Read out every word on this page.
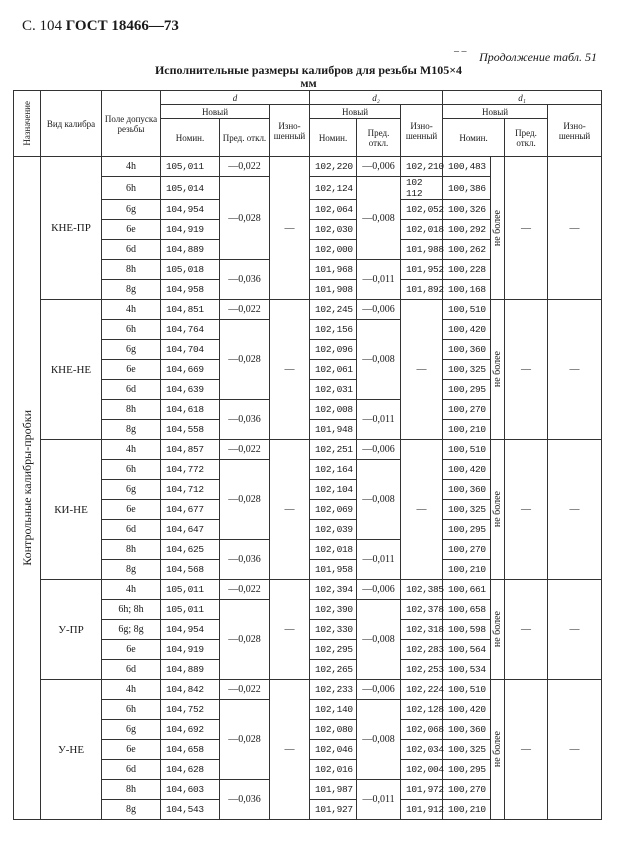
С. 104 ГОСТ 18466—73
– – Продолжение табл. 51
Исполнительные размеры калибров для резьбы М105×4
мм
Назначение	Вид калибра	Поле допуска резьбы	d			d₂			d₁			
			Новый		Изно-шенный	Новый		Изно-шенный	Новый			Изно-шенный
			Номин.	Пред. откл.		Номин.	Пред. откл.		Номин.		Пред. откл.	

Контрольные калибры-пробки	КНЕ-ПР	4h	105,011	—0,022	—	102,220	—0,006	102,210	100,483	не более	—	—
		6h	105,014	—0,028		102,124	—0,008	102 112	100,386			
		6g	104,954			102,064		102,052	100,326			
		6e	104,919			102,030		102,018	100,292			
		6d	104,889			102,000		101,988	100,262			
		8h	105,018	—0,036		101,968	—0,011	101,952	100,228			
		8g	104,958			101,908		101,892	100,168			
	КНЕ-НЕ	4h	104,851	—0,022	—	102,245	—0,006	—	100,510	не более	—	—
		6h	104,764	—0,028		102,156	—0,008		100,420			
		6g	104,704			102,096			100,360			
		6e	104,669			102,061			100,325			
		6d	104,639			102,031			100,295			
		8h	104,618	—0,036		102,008	—0,011		100,270			
		8g	104,558			101,948			100,210			
	КИ-НЕ	4h	104,857	—0,022	—	102,251	—0,006	—	100,510	не более	—	—
		6h	104,772	—0,028		102,164	—0,008		100,420			
		6g	104,712			102,104			100,360			
		6e	104,677			102,069			100,325			
		6d	104,647			102,039			100,295			
		8h	104,625	—0,036		102,018	—0,011		100,270			
		8g	104,568			101,958			100,210			
	У-ПР	4h	105,011	—0,022	—	102,394	—0,006	102,385	100,661	не более	—	—
		6h; 8h	105,011	—0,028		102,390	—0,008	102,378	100,658			
		6g; 8g	104,954			102,330		102,318	100,598			
		6e	104,919			102,295		102,283	100,564			
		6d	104,889			102,265		102,253	100,534			
	У-НЕ	4h	104,842	—0,022	—	102,233	—0,006	102,224	100,510	не более	—	—
		6h	104,752	—0,028		102,140	—0,008	102,128	100,420			
		6g	104,692			102,080		102,068	100,360			
		6e	104,658			102,046		102,034	100,325			
		6d	104,628			102,016		102,004	100,295			
		8h	104,603	—0,036		101,987	—0,011	101,972	100,270			
		8g	104,543			101,927		101,912	100,210			
